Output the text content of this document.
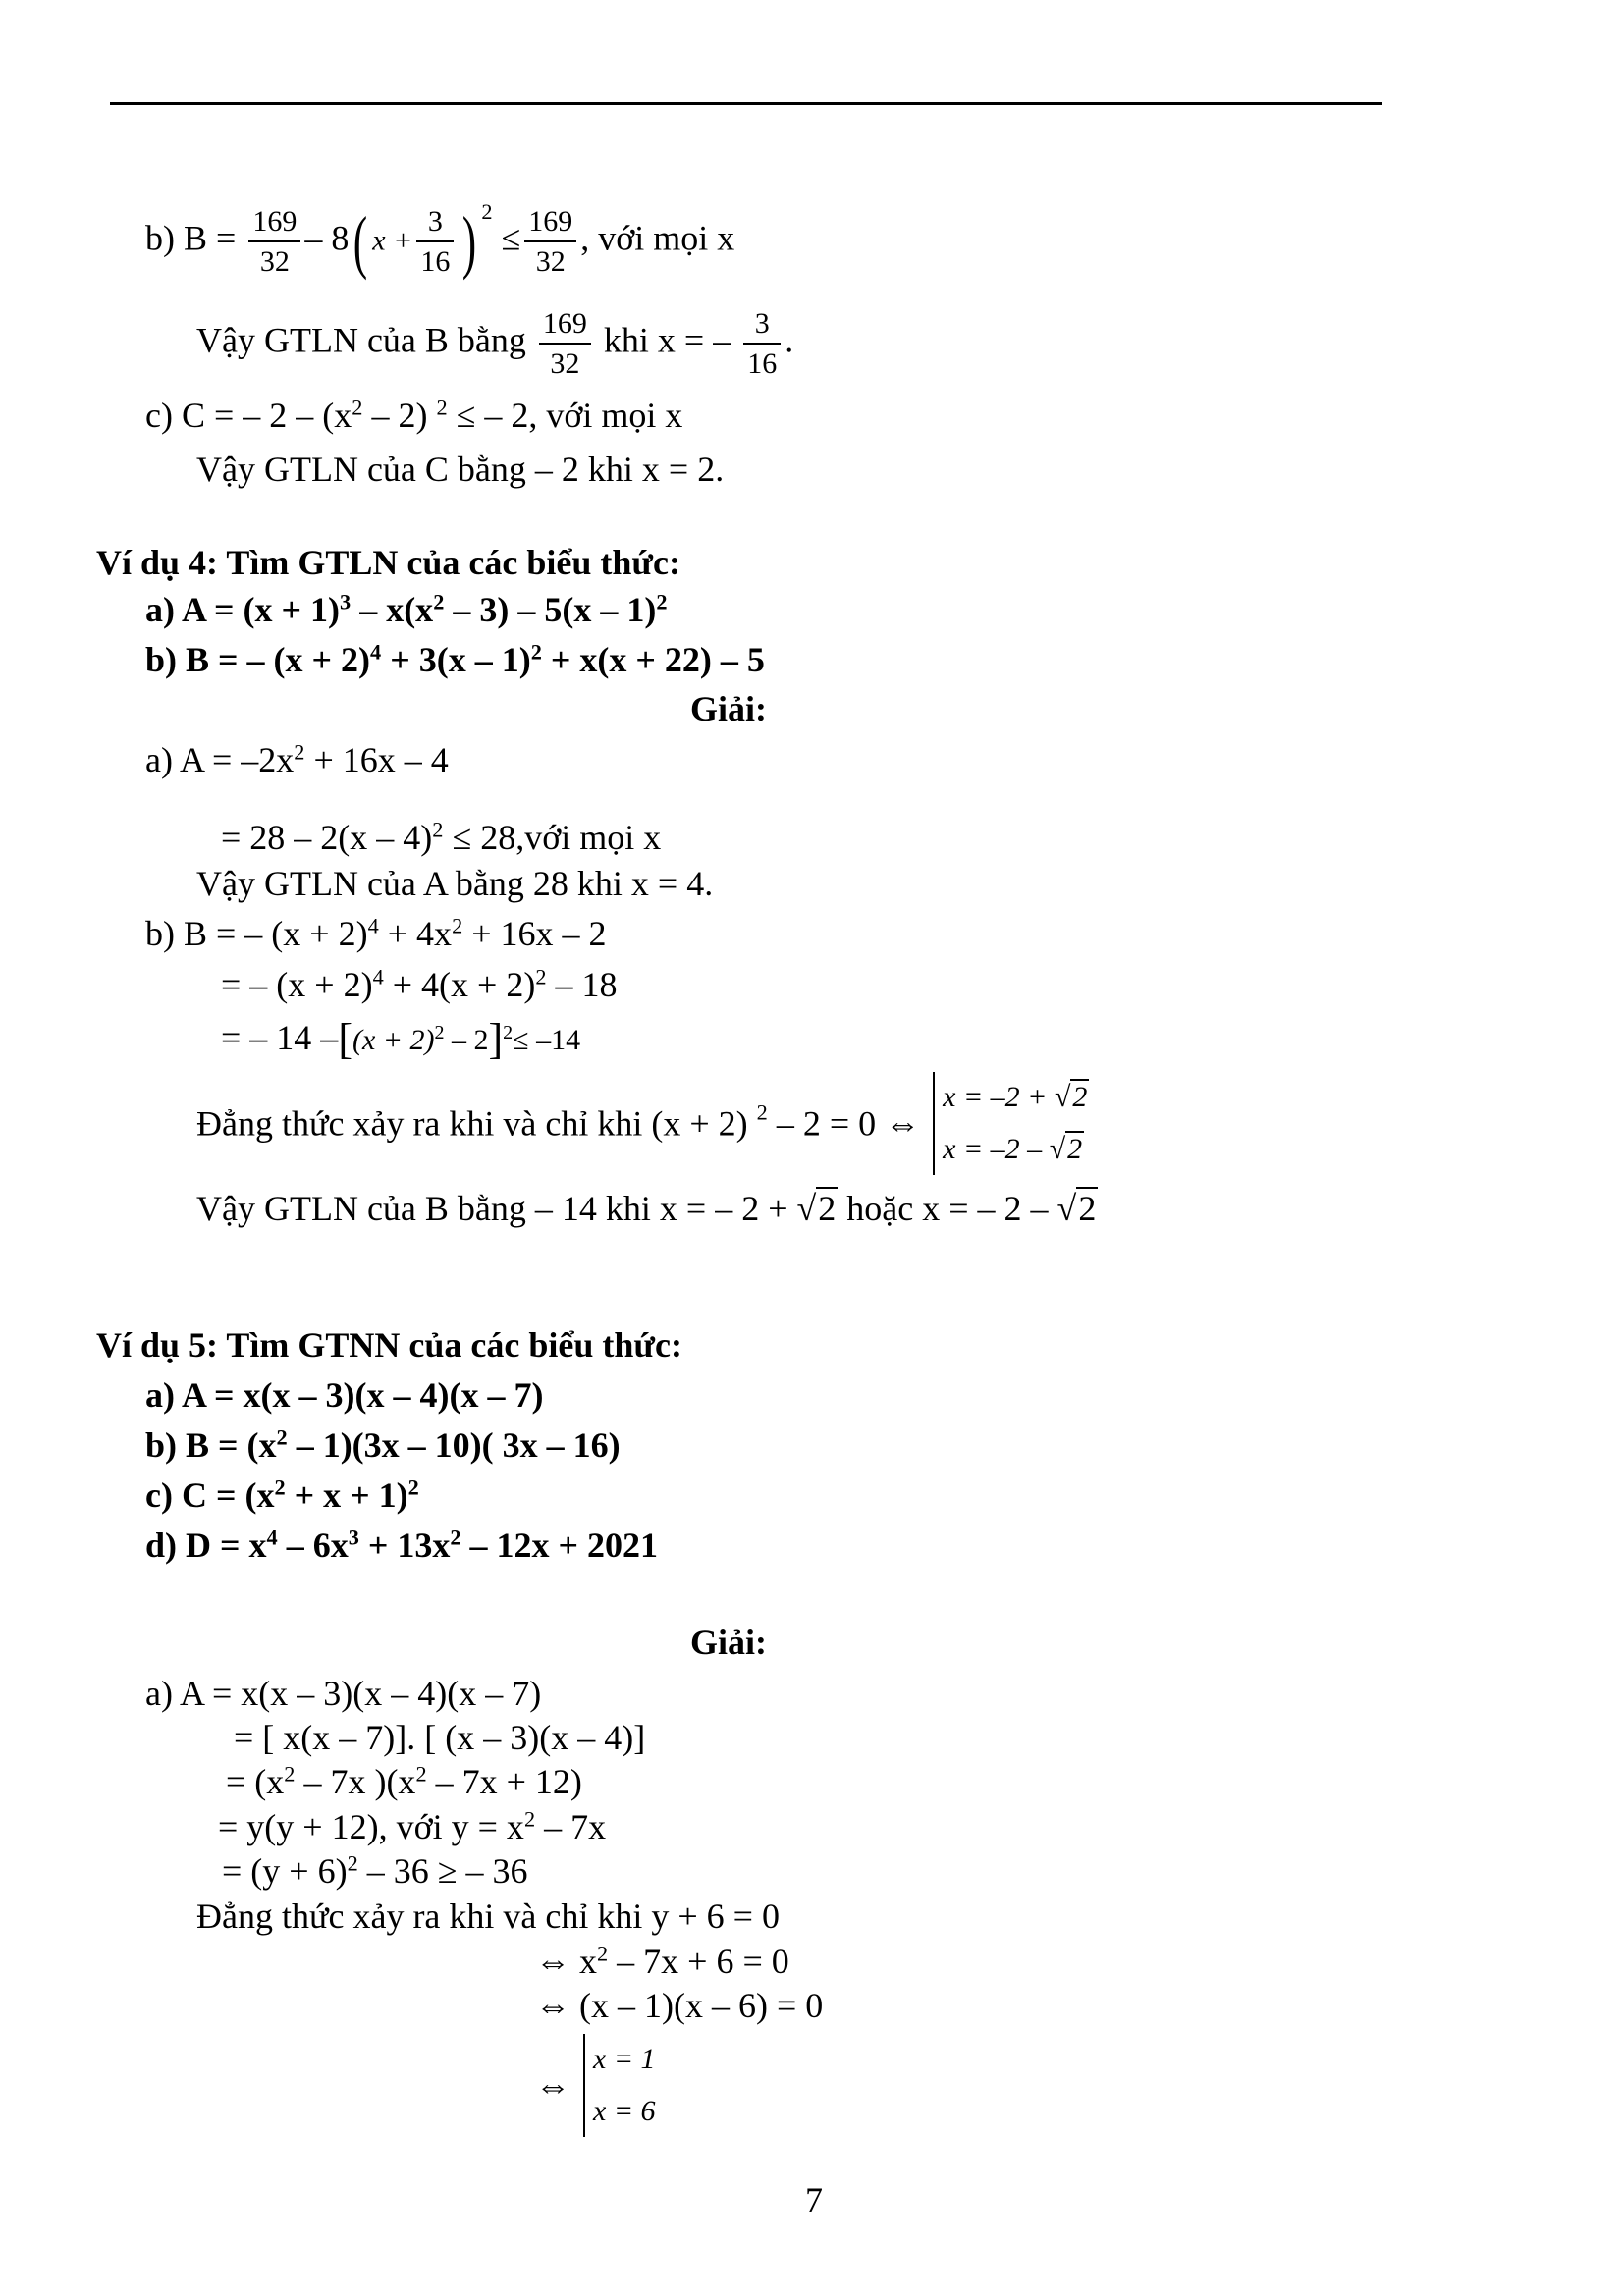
b) $B = \frac{169}{32} - 8$( $x + \frac{3}{16}$ ) $^2 \le \frac{169}{32}$ , với mọi x
Vậy GTLN của B bằng $\frac{169}{32}$ khi x = – $\frac{3}{16}$ .
c) C = – $2 - (x^2 - 2) ^2$ ≤ – 2, với mọi x
Vậy GTLN của C bằng – 2 khi x = 2.
Ví dụ 4: Tìm GTLN của các biểu thức:
a) $A = (x + 1)^3 - x(x^2 - 3) - 5(x - 1)^2$
b) B = – $(x + 2)^4 + 3(x - 1)^2 + x(x + 22) - 5$
Giải:
a) $A = -2x^2 + 16x - 4$
= 28 – 2(x – 4)$^2$ ≤ 28,với mọi x
Vậy GTLN của A bằng 28 khi x = 4.
b) B = – $(x + 2)^4 + 4x^2 + 16x - 2$
= – $(x + 2)^4 + 4(x + 2)^2 - 18$
= – 14 $-[(x + 2)^2 - 2]^2\le -14$
Đẳng thức xảy ra khi và chỉ khi (x + 2) $^2$ – 2 = 0 ⇔
x = –2 + √2
x = –2 – √2
Vậy GTLN của B bằng – 14 khi x = – 2 + √2 hoặc x = – 2 – √2
Ví dụ 5: Tìm GTNN của các biểu thức:
a) A = x(x – 3)(x – 4)(x – 7)
b) $B = (x^2 - 1)(3x - 10)$( 3x – 16)
c) $C = (x^2 + x + 1)^2$
d) $D = x^4 - 6x^3 + 13x^2 - 12x + 2021$
Giải:
a) A = x(x – 3)(x – 4)(x – 7)
= [ x(x – 7)]. [ (x – 3)(x – 4)]
= ($x^2 - 7x$ )$(x^2 - 7x + 12)$
= y(y + 12), với $y = x^2 - 7x$
= $(y + 6)^2 - 36$ ≥ – 36
Đẳng thức xảy ra khi và chỉ khi y + 6 = 0
⇔ $x^2 - 7x + 6 = 0$
⇔ (x – 1)(x – 6) = 0
⇔
x = 1
x = 6
7
